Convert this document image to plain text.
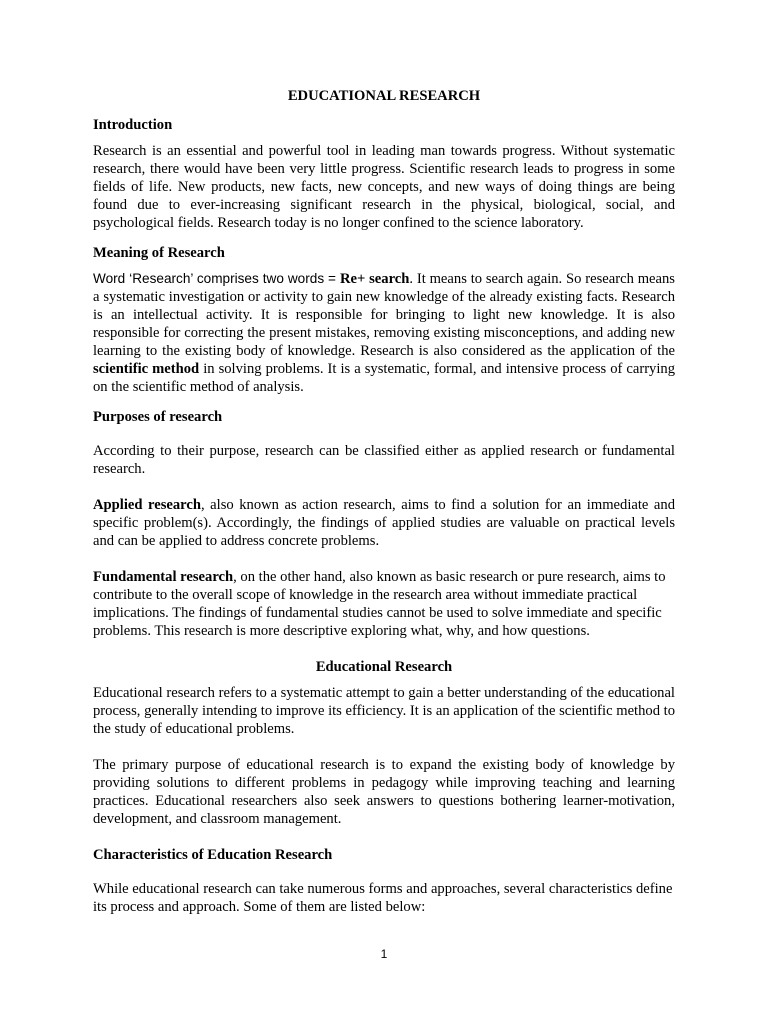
EDUCATIONAL RESEARCH
Introduction

Research is an essential and powerful tool in leading man towards progress. Without systematic research, there would have been very little progress. Scientific research leads to progress in some fields of life. New products, new facts, new concepts, and new ways of doing things are being found due to ever-increasing significant research in the physical, biological, social, and psychological fields. Research today is no longer confined to the science laboratory.

Meaning of Research

Word ‘Research’ comprises two words = Re+ search. It means to search again. So research means a systematic investigation or activity to gain new knowledge of the already existing facts. Research is an intellectual activity. It is responsible for bringing to light new knowledge. It is also responsible for correcting the present mistakes, removing existing misconceptions, and adding new learning to the existing body of knowledge. Research is also considered as the application of the scientific method in solving problems. It is a systematic, formal, and intensive process of carrying on the scientific method of analysis.

Purposes of research

According to their purpose, research can be classified either as applied research or fundamental research.

Applied research, also known as action research, aims to find a solution for an immediate and specific problem(s). Accordingly, the findings of applied studies are valuable on practical levels and can be applied to address concrete problems.

Fundamental research, on the other hand, also known as basic research or pure research, aims to contribute to the overall scope of knowledge in the research area without immediate practical implications. The findings of fundamental studies cannot be used to solve immediate and specific problems. This research is more descriptive exploring what, why, and how questions.

Educational Research

Educational research refers to a systematic attempt to gain a better understanding of the educational process, generally intending to improve its efficiency. It is an application of the scientific method to the study of educational problems.

The primary purpose of educational research is to expand the existing body of knowledge by providing solutions to different problems in pedagogy while improving teaching and learning practices. Educational researchers also seek answers to questions bothering learner-motivation, development, and classroom management.

Characteristics of Education Research

While educational research can take numerous forms and approaches, several characteristics define its process and approach. Some of them are listed below:

1
